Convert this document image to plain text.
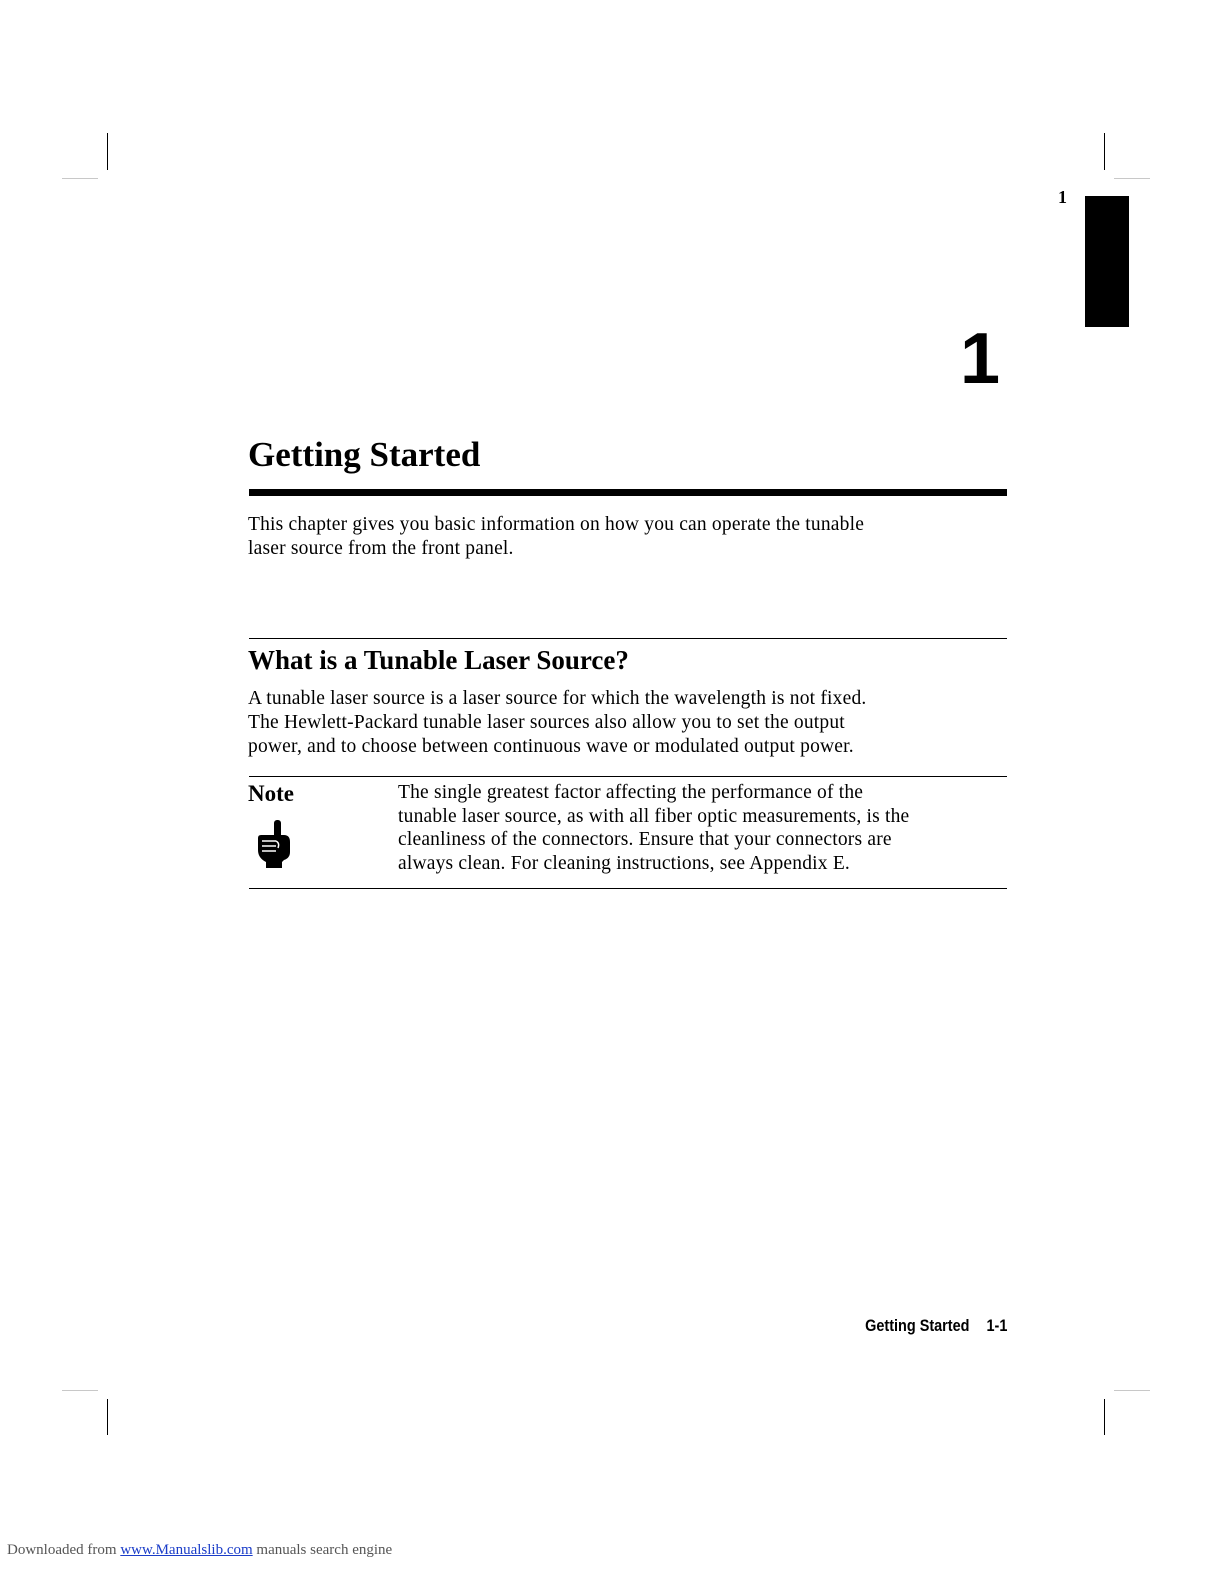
1
1
Getting Started
This chapter gives you basic information on how you can operate the tunable
laser source from the front panel.
What is a Tunable Laser Source?
A tunable laser source is a laser source for which the wavelength is not fixed.
The Hewlett-Packard tunable laser sources also allow you to set the output
power, and to choose between continuous wave or modulated output power.
Note	The single greatest factor affecting the performance of the
tunable laser source, as with all fiber optic measurements, is the
cleanliness of the connectors. Ensure that your connectors are
always clean. For cleaning instructions, see Appendix E.
Getting Started 1-1
Downloaded from www.Manualslib.com manuals search engine
